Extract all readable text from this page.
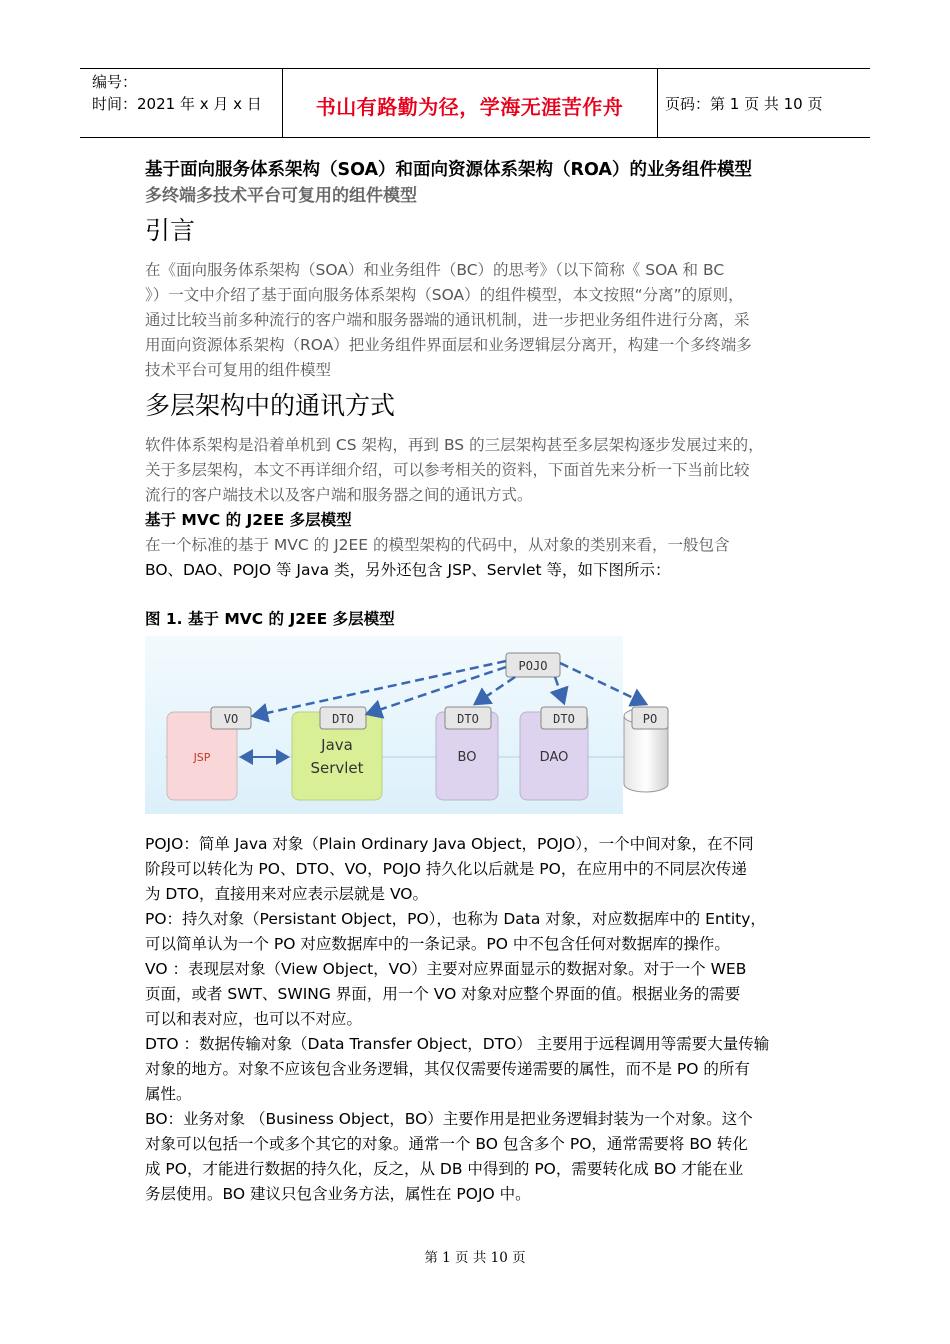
编号：
时间：2021 年 x 月 x 日	书山有路勤为径，学海无涯苦作舟	页码：第 1 页 共 10 页
基于面向服务体系架构（SOA）和面向资源体系架构（ROA）的业务组件模型
多终端多技术平台可复用的组件模型
引言
在《面向服务体系架构（SOA）和业务组件（BC）的思考》（以下简称《 SOA 和 BC
》）一文中介绍了基于面向服务体系架构（SOA）的组件模型，本文按照“分离”的原则，
通过比较当前多种流行的客户端和服务器端的通讯机制，进一步把业务组件进行分离，采
用面向资源体系架构（ROA）把业务组件界面层和业务逻辑层分离开，构建一个多终端多
技术平台可复用的组件模型
多层架构中的通讯方式
软件体系架构是沿着单机到 CS 架构，再到 BS 的三层架构甚至多层架构逐步发展过来的，
关于多层架构，本文不再详细介绍，可以参考相关的资料，下面首先来分析一下当前比较
流行的客户端技术以及客户端和服务器之间的通讯方式。
基于 MVC 的 J2EE 多层模型
在一个标准的基于 MVC 的 J2EE 的模型架构的代码中，从对象的类别来看，一般包含
BO、DAO、POJO 等 Java 类，另外还包含 JSP、Servlet 等，如下图所示：
图 1. 基于 MVC 的 J2EE 多层模型
JSP
Java
Servlet
BO	DAO
VO	DTO	DTO	DTO	PO
POJO
POJO：简单 Java 对象（Plain Ordinary Java Object，POJO），一个中间对象，在不同
阶段可以转化为 PO、DTO、VO，POJO 持久化以后就是 PO，在应用中的不同层次传递
为 DTO，直接用来对应表示层就是 VO。
PO：持久对象（Persistant Object，PO），也称为 Data 对象，对应数据库中的 Entity，
可以简单认为一个 PO 对应数据库中的一条记录。PO 中不包含任何对数据库的操作。
VO ：表现层对象（View Object，VO）主要对应界面显示的数据对象。对于一个 WEB
页面，或者 SWT、SWING 界面，用一个 VO 对象对应整个界面的值。根据业务的需要
可以和表对应，也可以不对应。
DTO ：数据传输对象（Data Transfer Object，DTO） 主要用于远程调用等需要大量传输
对象的地方。对象不应该包含业务逻辑，其仅仅需要传递需要的属性，而不是 PO 的所有
属性。
BO：业务对象 （Business Object，BO）主要作用是把业务逻辑封装为一个对象。这个
对象可以包括一个或多个其它的对象。通常一个 BO 包含多个 PO，通常需要将 BO 转化
成 PO，才能进行数据的持久化，反之，从 DB 中得到的 PO，需要转化成 BO 才能在业
务层使用。BO 建议只包含业务方法，属性在 POJO 中。
第 1 页 共 10 页
